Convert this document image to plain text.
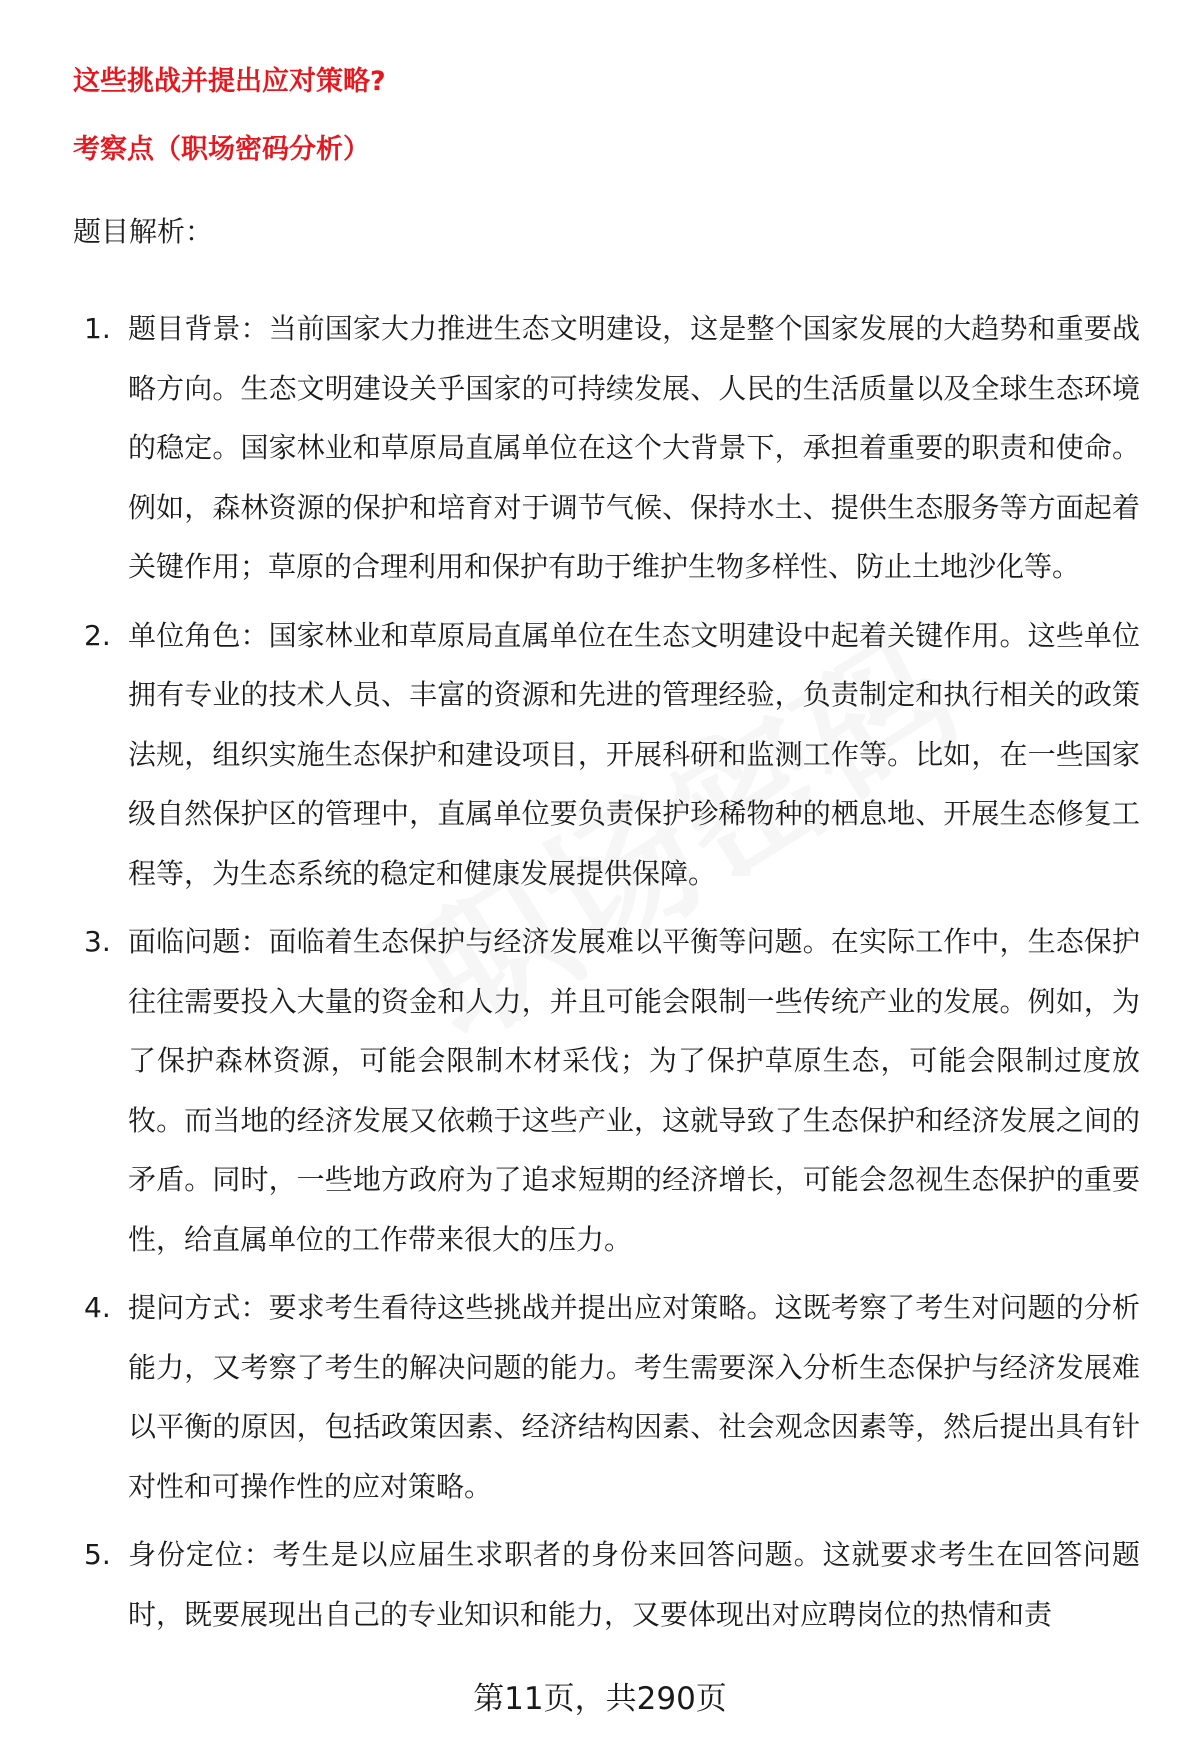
这些挑战并提出应对策略?

考察点（职场密码分析）

题目解析：

1. 题目背景：当前国家大力推进生态文明建设，这是整个国家发展的大趋势和重要战略方向。生态文明建设关乎国家的可持续发展、人民的生活质量以及全球生态环境的稳定。国家林业和草原局直属单位在这个大背景下，承担着重要的职责和使命。例如，森林资源的保护和培育对于调节气候、保持水土、提供生态服务等方面起着关键作用；草原的合理利用和保护有助于维护生物多样性、防止土地沙化等。
2. 单位角色：国家林业和草原局直属单位在生态文明建设中起着关键作用。这些单位拥有专业的技术人员、丰富的资源和先进的管理经验，负责制定和执行相关的政策法规，组织实施生态保护和建设项目，开展科研和监测工作等。比如，在一些国家级自然保护区的管理中，直属单位要负责保护珍稀物种的栖息地、开展生态修复工程等，为生态系统的稳定和健康发展提供保障。
3. 面临问题：面临着生态保护与经济发展难以平衡等问题。在实际工作中，生态保护往往需要投入大量的资金和人力，并且可能会限制一些传统产业的发展。例如，为了保护森林资源，可能会限制木材采伐；为了保护草原生态，可能会限制过度放牧。而当地的经济发展又依赖于这些产业，这就导致了生态保护和经济发展之间的矛盾。同时，一些地方政府为了追求短期的经济增长，可能会忽视生态保护的重要性，给直属单位的工作带来很大的压力。
4. 提问方式：要求考生看待这些挑战并提出应对策略。这既考察了考生对问题的分析能力，又考察了考生的解决问题的能力。考生需要深入分析生态保护与经济发展难以平衡的原因，包括政策因素、经济结构因素、社会观念因素等，然后提出具有针对性和可操作性的应对策略。
5. 身份定位：考生是以应届生求职者的身份来回答问题。这就要求考生在回答问题时，既要展现出自己的专业知识和能力，又要体现出对应聘岗位的热情和责

第11页，共290页
